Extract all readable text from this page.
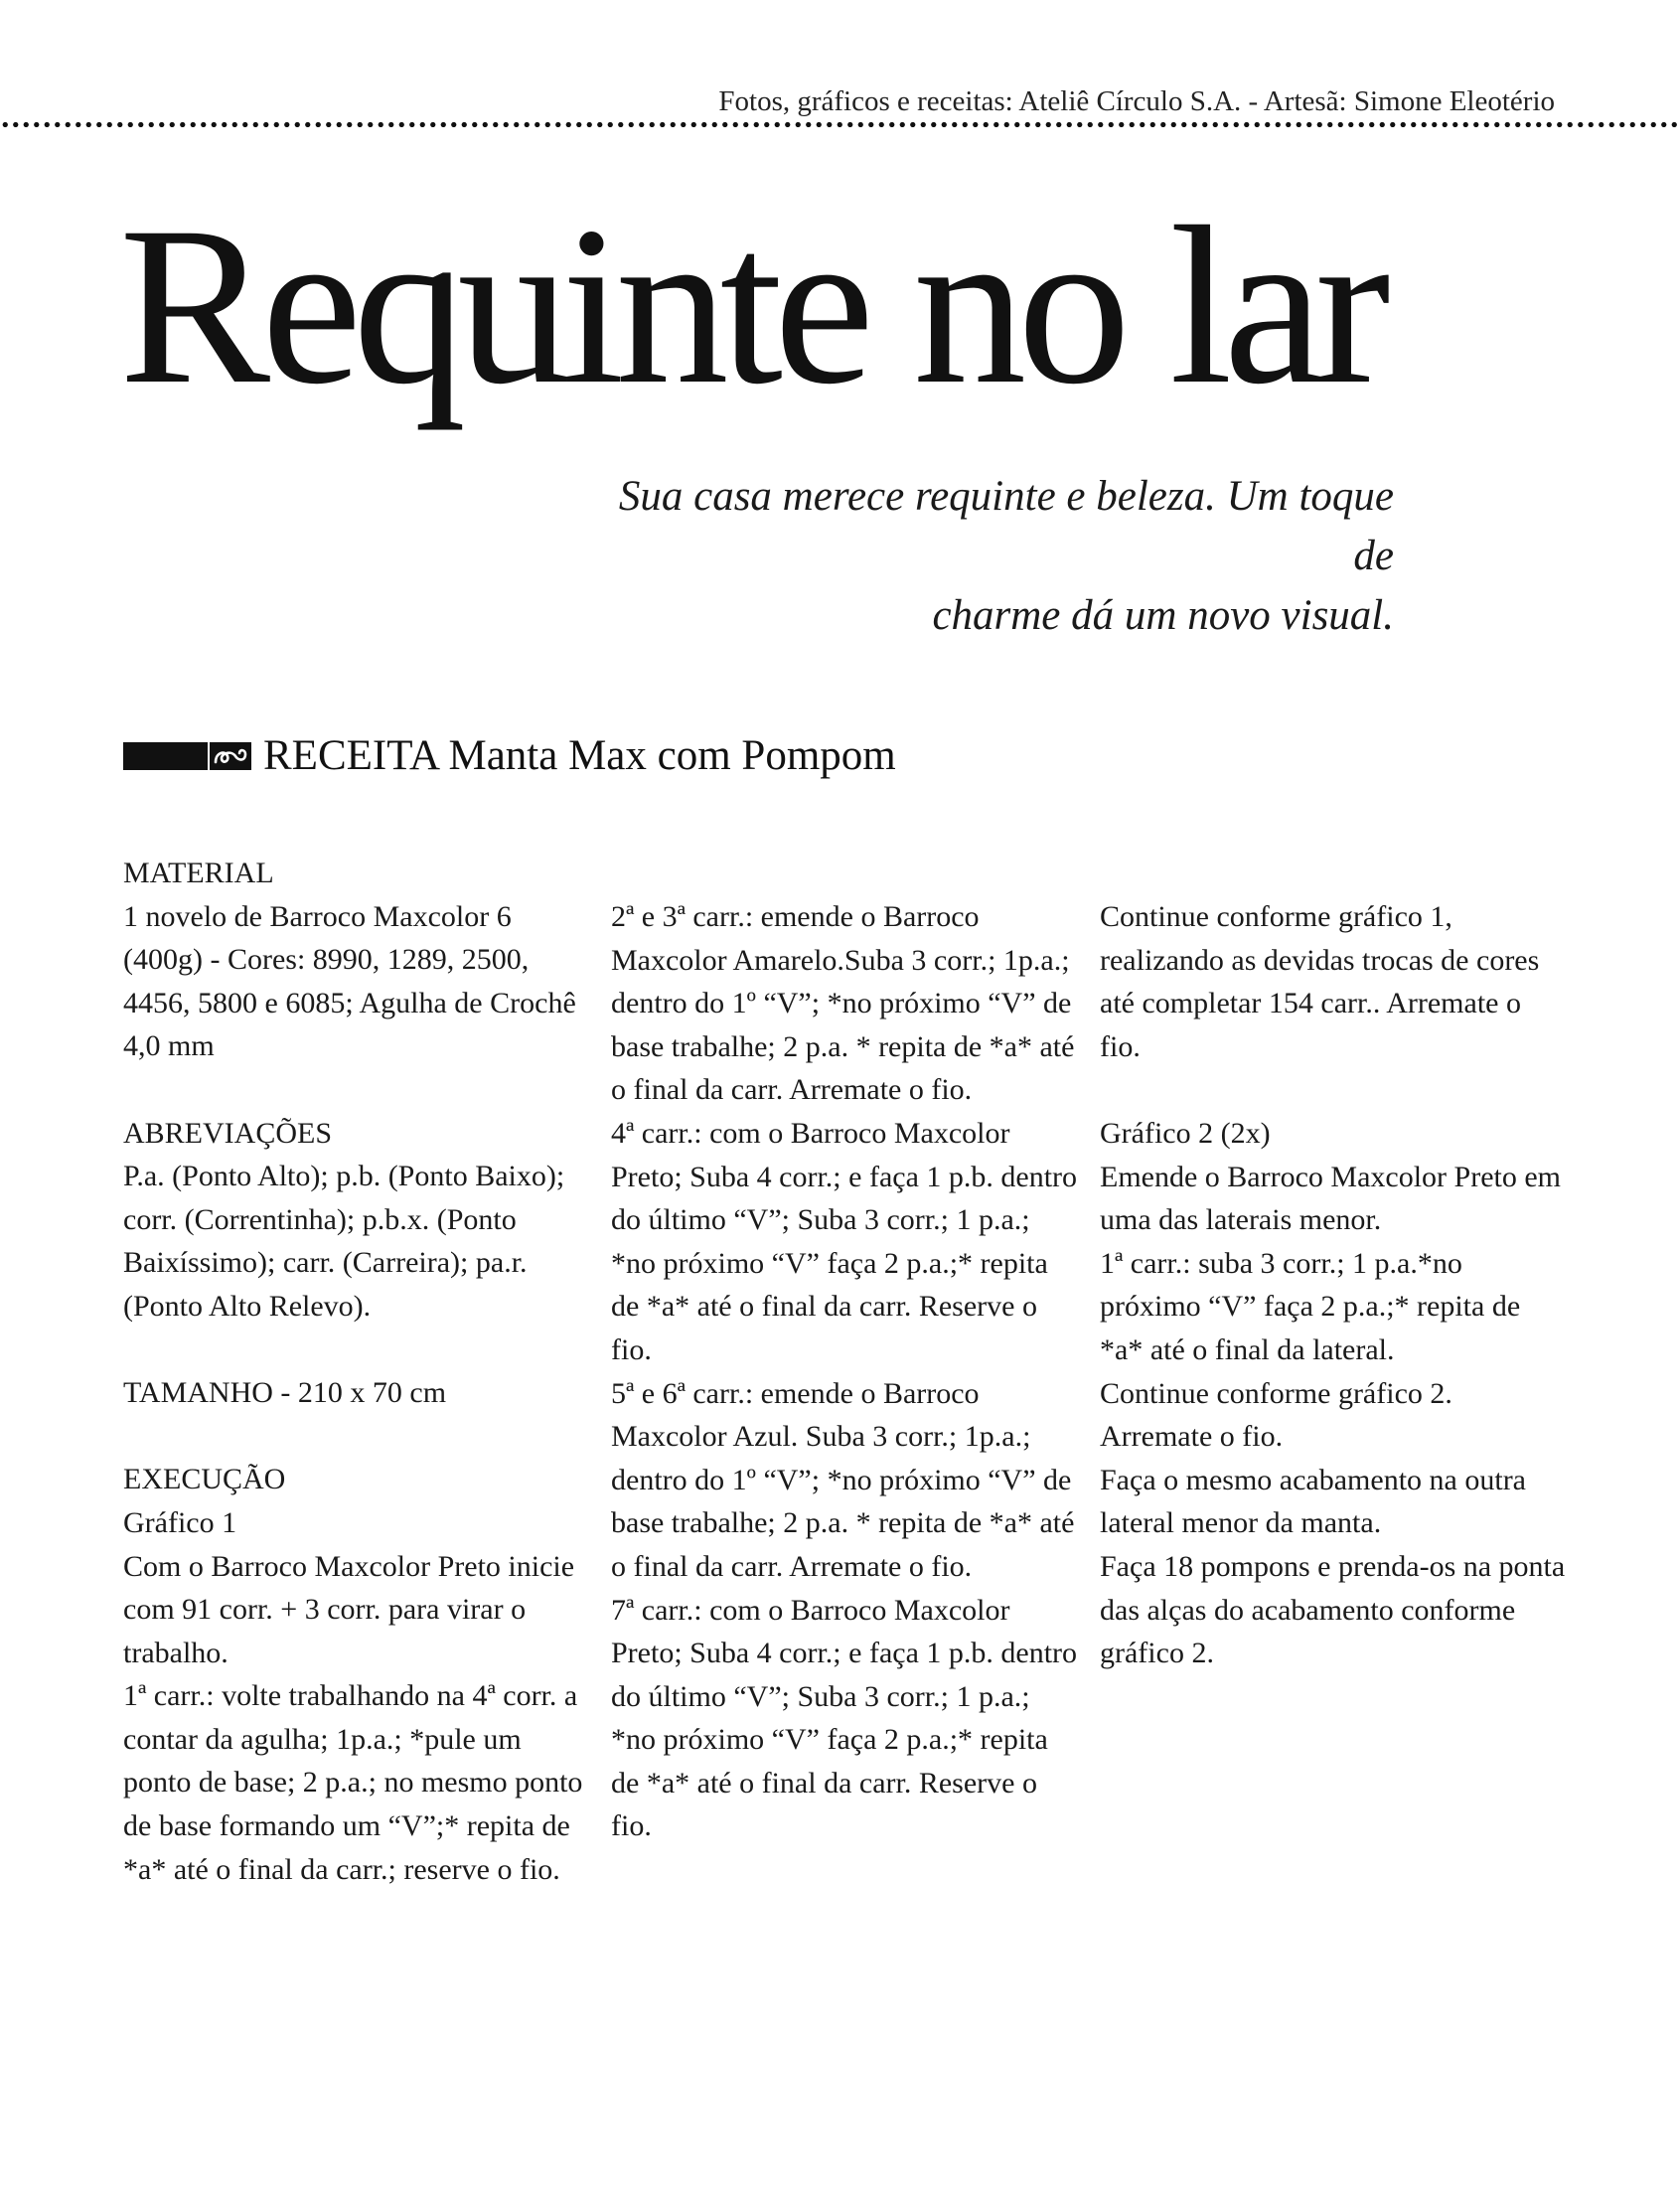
Fotos, gráficos e receitas: Ateliê Círculo S.A. - Artesã: Simone Eleotério
Requinte no lar
Sua casa merece requinte e beleza. Um toque de
charme dá um novo visual.
RECEITA Manta Max com Pompom

MATERIAL

1 novelo de Barroco Maxcolor 6 (400g) - Cores: 8990, 1289, 2500, 4456, 5800 e 6085; Agulha de Crochê 4,0 mm

ABREVIAÇÕES

P.a. (Ponto Alto); p.b. (Ponto Baixo); corr. (Correntinha); p.b.x. (Ponto Baixíssimo); carr. (Carreira); pa.r. (Ponto Alto Relevo).

TAMANHO - 210 x 70 cm

EXECUÇÃO

Gráfico 1

Com o Barroco Maxcolor Preto inicie com 91 corr. + 3 corr. para virar o trabalho.

1ª carr.: volte trabalhando na 4ª corr. a contar da agulha; 1p.a.; *pule um ponto de base; 2 p.a.; no mesmo ponto de base formando um “V”;* repita de *a* até o final da carr.; reserve o fio.

2ª e 3ª carr.: emende o Barroco Maxcolor Amarelo.Suba 3 corr.; 1p.a.; dentro do 1º “V”; *no próximo “V” de base trabalhe; 2 p.a. * repita de *a* até o final da carr. Arremate o fio.

4ª carr.: com o Barroco Maxcolor Preto; Suba 4 corr.; e faça 1 p.b. dentro do último “V”; Suba 3 corr.; 1 p.a.; *no próximo “V” faça 2 p.a.;* repita de *a* até o final da carr. Reserve o fio.

5ª e 6ª carr.: emende o Barroco Maxcolor Azul. Suba 3 corr.; 1p.a.; dentro do 1º “V”; *no próximo “V” de base trabalhe; 2 p.a. * repita de *a* até o final da carr. Arremate o fio.

7ª carr.: com o Barroco Maxcolor Preto; Suba 4 corr.; e faça 1 p.b. dentro do último “V”; Suba 3 corr.; 1 p.a.; *no próximo “V” faça 2 p.a.;* repita de *a* até o final da carr. Reserve o fio.

Continue conforme gráfico 1, realizando as devidas trocas de cores até completar 154 carr.. Arremate o fio.

Gráfico 2 (2x)

Emende o Barroco Maxcolor Preto em uma das laterais menor.

1ª carr.: suba 3 corr.; 1 p.a.*no próximo “V” faça 2 p.a.;* repita de *a* até o final da lateral.

Continue conforme gráfico 2.

Arremate o fio.

Faça o mesmo acabamento na outra lateral menor da manta.

Faça 18 pompons e prenda-os na ponta das alças do acabamento conforme gráfico 2.
